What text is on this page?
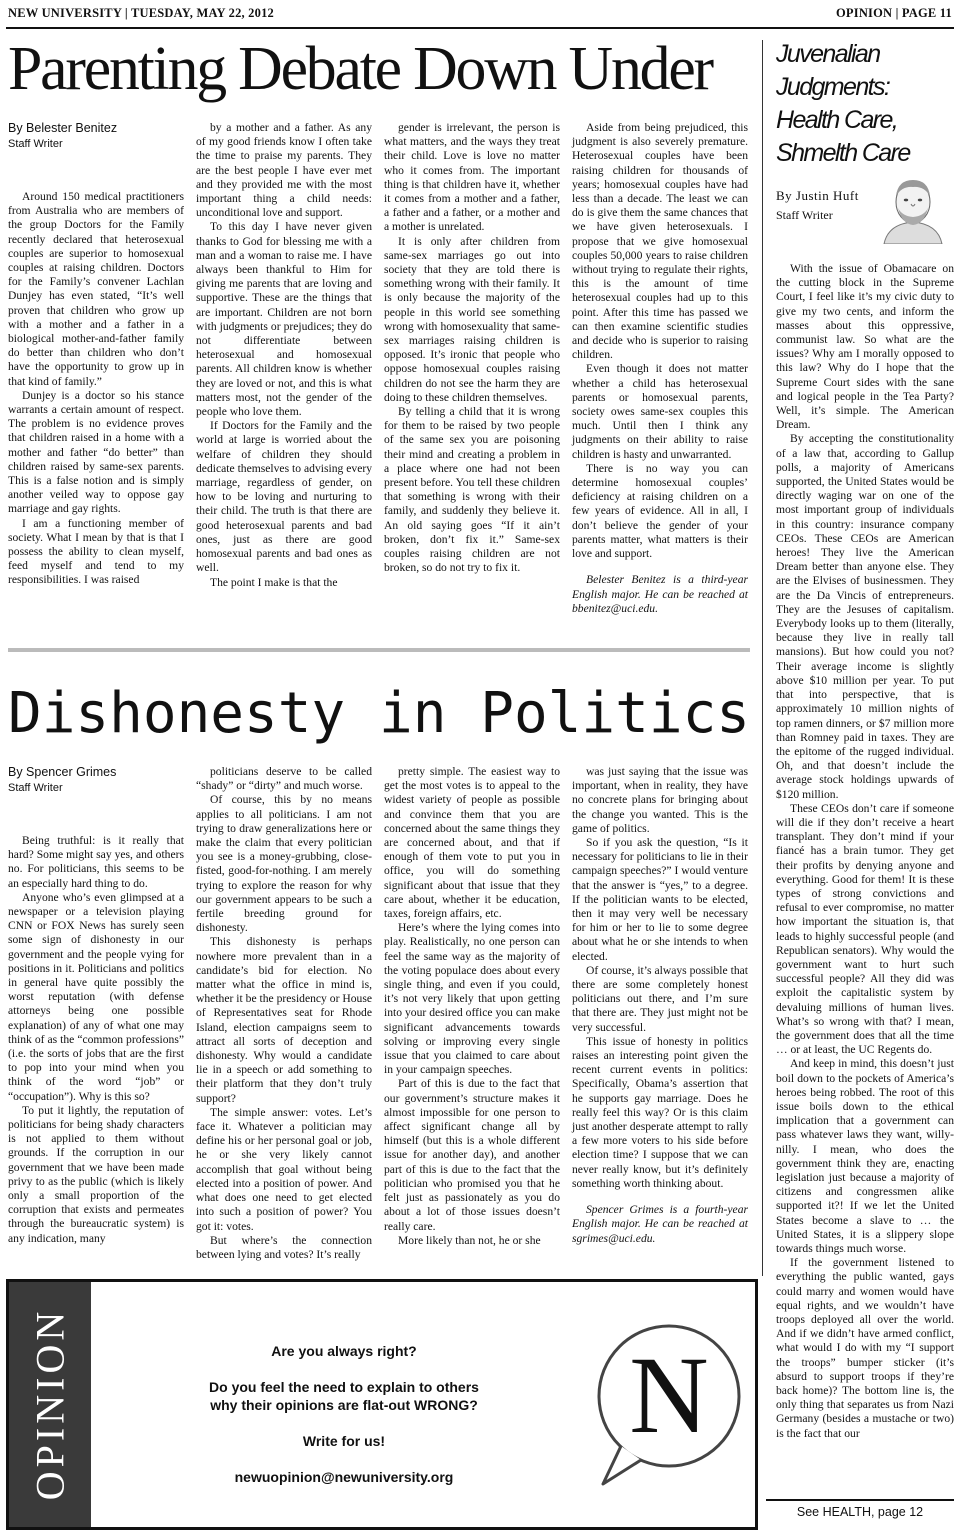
NEW UNIVERSITY | TUESDAY, MAY 22, 2012	OPINION | PAGE 11
Parenting Debate Down Under
By Belester Benitez
Staff Writer

Around 150 medical practitioners from Australia who are members of the group Doctors for the Family recently declared that heterosexual couples are superior to homosexual couples at raising children. Doctors for the Family’s convener Lachlan Dunjey has even stated, “It’s well proven that children who grow up with a mother and a father in a biological mother-and-father family do better than children who don’t have the opportunity to grow up in that kind of family.”

Dunjey is a doctor so his stance warrants a certain amount of respect. The problem is no evidence proves that children raised in a home with a mother and father “do better” than children raised by same-sex parents. This is a false notion and is simply another veiled way to oppose gay marriage and gay rights.

I am a functioning member of society. What I mean by that is that I possess the ability to clean myself, feed myself and tend to my responsibilities. I was raised

by a mother and a father. As any of my good friends know I often take the time to praise my parents. They are the best people I have ever met and they provided me with the most important thing a child needs: unconditional love and support.

To this day I have never given thanks to God for blessing me with a man and a woman to raise me. I have always been thankful to Him for giving me parents that are loving and supportive. These are the things that are important. Children are not born with judgments or prejudices; they do not differentiate between heterosexual and homosexual parents. All children know is whether they are loved or not, and this is what matters most, not the gender of the people who love them.

If Doctors for the Family and the world at large is worried about the welfare of children they should dedicate themselves to advising every marriage, regardless of gender, on how to be loving and nurturing to their child. The truth is that there are good heterosexual parents and bad ones, just as there are good homosexual parents and bad ones as well.

The point I make is that the

gender is irrelevant, the person is what matters, and the ways they treat their child. Love is love no matter who it comes from. The important thing is that children have it, whether it comes from a mother and a father, a father and a father, or a mother and a mother is unrelated.

It is only after children from same-sex marriages go out into society that they are told there is something wrong with their family. It is only because the majority of the people in this world see something wrong with homosexuality that same-sex marriages raising children is opposed. It’s ironic that people who oppose homosexual couples raising children do not see the harm they are doing to these children themselves.

By telling a child that it is wrong for them to be raised by two people of the same sex you are poisoning their mind and creating a problem in a place where one had not been present before. You tell these children that something is wrong with their family, and suddenly they believe it. An old saying goes “If it ain’t broken, don’t fix it.” Same-sex couples raising children are not broken, so do not try to fix it.

Aside from being prejudiced, this judgment is also severely premature. Heterosexual couples have been raising children for thousands of years; homosexual couples have had less than a decade. The least we can do is give them the same chances that we have given heterosexuals. I propose that we give homosexual couples 50,000 years to raise children without trying to regulate their rights, this is the amount of time heterosexual couples had up to this point. After this time has passed we can then examine scientific studies and decide who is superior to raising children.

Even though it does not matter whether a child has heterosexual parents or homosexual parents, society owes same-sex couples this much. Until then I think any judgments on their ability to raise children is hasty and unwarranted.

There is no way you can determine homosexual couples’ deficiency at raising children on a few years of evidence. All in all, I don’t believe the gender of your parents matter, what matters is their love and support.

Belester Benitez is a third-year English major. He can be reached at bbenitez@uci.edu.

Dishonesty in Politics
By Spencer Grimes
Staff Writer

Being truthful: is it really that hard? Some might say yes, and others no. For politicians, this seems to be an especially hard thing to do.

Anyone who’s even glimpsed at a newspaper or a television playing CNN or FOX News has surely seen some sign of dishonesty in our government and the people vying for positions in it. Politicians and politics in general have quite possibly the worst reputation (with defense attorneys being one possible explanation) of any of what one may think of as the “common professions” (i.e. the sorts of jobs that are the first to pop into your mind when you think of the word “job” or “occupation”). Why is this so?

To put it lightly, the reputation of politicians for being shady characters is not applied to them without grounds. If the corruption in our government that we have been made privy to as the public (which is likely only a small proportion of the corruption that exists and permeates through the bureaucratic system) is any indication, many

politicians deserve to be called “shady” or “dirty” and much worse.

Of course, this by no means applies to all politicians. I am not trying to draw generalizations here or make the claim that every politician you see is a money-grubbing, close-fisted, good-for-nothing. I am merely trying to explore the reason for why our government appears to be such a fertile breeding ground for dishonesty.

This dishonesty is perhaps nowhere more prevalent than in a candidate’s bid for election. No matter what the office in mind is, whether it be the presidency or House of Representatives seat for Rhode Island, election campaigns seem to attract all sorts of deception and dishonesty. Why would a candidate lie in a speech or add something to their platform that they don’t truly support?

The simple answer: votes. Let’s face it. Whatever a politician may define his or her personal goal or job, he or she very likely cannot accomplish that goal without being elected into a position of power. And what does one need to get elected into such a position of power? You got it: votes.

But where’s the connection between lying and votes? It’s really

pretty simple. The easiest way to get the most votes is to appeal to the widest variety of people as possible and convince them that you are concerned about the same things they are concerned about, and that if enough of them vote to put you in office, you will do something significant about that issue that they care about, whether it be education, taxes, foreign affairs, etc.

Here’s where the lying comes into play. Realistically, no one person can feel the same way as the majority of the voting populace does about every single thing, and even if you could, it’s not very likely that upon getting into your desired office you can make significant advancements towards solving or improving every single issue that you claimed to care about in your campaign speeches.

Part of this is due to the fact that our government’s structure makes it almost impossible for one person to affect significant change all by himself (but this is a whole different issue for another day), and another part of this is due to the fact that the politician who promised you that he felt just as passionately as you do about a lot of those issues doesn’t really care.

More likely than not, he or she

was just saying that the issue was important, when in reality, they have no concrete plans for bringing about the change you wanted. This is the game of politics.

So if you ask the question, “Is it necessary for politicians to lie in their campaign speeches?” I would venture that the answer is “yes,” to a degree. If the politician wants to be elected, then it may very well be necessary for him or her to lie to some degree about what he or she intends to when elected.

Of course, it’s always possible that there are some completely honest politicians out there, and I’m sure that there are. They just might not be very successful.

This issue of honesty in politics raises an interesting point given the recent current events in politics: Specifically, Obama’s assertion that he supports gay marriage. Does he really feel this way? Or is this claim just another desperate attempt to rally a few more voters to his side before election time? I suppose that we can never really know, but it’s definitely something worth thinking about.

Spencer Grimes is a fourth-year English major. He can be reached at sgrimes@uci.edu.

Juvenalian Judgments: Health Care, Shmelth Care
By Justin Huft
Staff Writer

With the issue of Obamacare on the cutting block in the Supreme Court, I feel like it’s my civic duty to give my two cents, and inform the masses about this oppressive, communist law. So what are the issues? Why am I morally opposed to this law? Why do I hope that the Supreme Court sides with the sane and logical people in the Tea Party? Well, it’s simple. The American Dream.

By accepting the constitutionality of a law that, according to Gallup polls, a majority of Americans supported, the United States would be directly waging war on one of the most important group of individuals in this country: insurance company CEOs. These CEOs are American heroes! They live the American Dream better than anyone else. They are the Elvises of businessmen. They are the Da Vincis of entrepreneurs. They are the Jesuses of capitalism. Everybody looks up to them (literally, because they live in really tall mansions). But how could you not? Their average income is slightly above $10 million per year. To put that into perspective, that is approximately 10 million nights of top ramen dinners, or $7 million more than Romney paid in taxes. They are the epitome of the rugged individual. Oh, and that doesn’t include the average stock holdings upwards of $120 million.

These CEOs don’t care if someone will die if they don’t receive a heart transplant. They don’t mind if your fiancé has a brain tumor. They get their profits by denying anyone and everything. Good for them! It is these types of strong convictions and refusal to ever compromise, no matter how important the situation is, that leads to highly successful people (and Republican senators). Why would the government want to hurt such successful people? All they did was exploit the capitalistic system by devaluing millions of human lives. What’s so wrong with that? I mean, the government does that all the time … or at least, the UC Regents do.

And keep in mind, this doesn’t just boil down to the pockets of America’s heroes being robbed. The root of this issue boils down to the ethical implication that a government can pass whatever laws they want, willy-nilly. I mean, who does the government think they are, enacting legislation just because a majority of citizens and congressmen alike supported it?! If we let the United States become a slave to … the United States, it is a slippery slope towards things much worse.

If the government listened to everything the public wanted, gays could marry and women would have equal rights, and we wouldn’t have troops deployed all over the world. And if we didn’t have armed conflict, what would I do with my “I support the troops” bumper sticker (it’s absurd to support troops if they’re back home)? The bottom line is, the only thing that separates us from Nazi Germany (besides a mustache or two) is the fact that our

See HEALTH, page 12
OPINION	Are you always right?
Do you feel the need to explain to others why their opinions are flat-out WRONG?
Write for us!
newuopinion@newuniversity.org
N
